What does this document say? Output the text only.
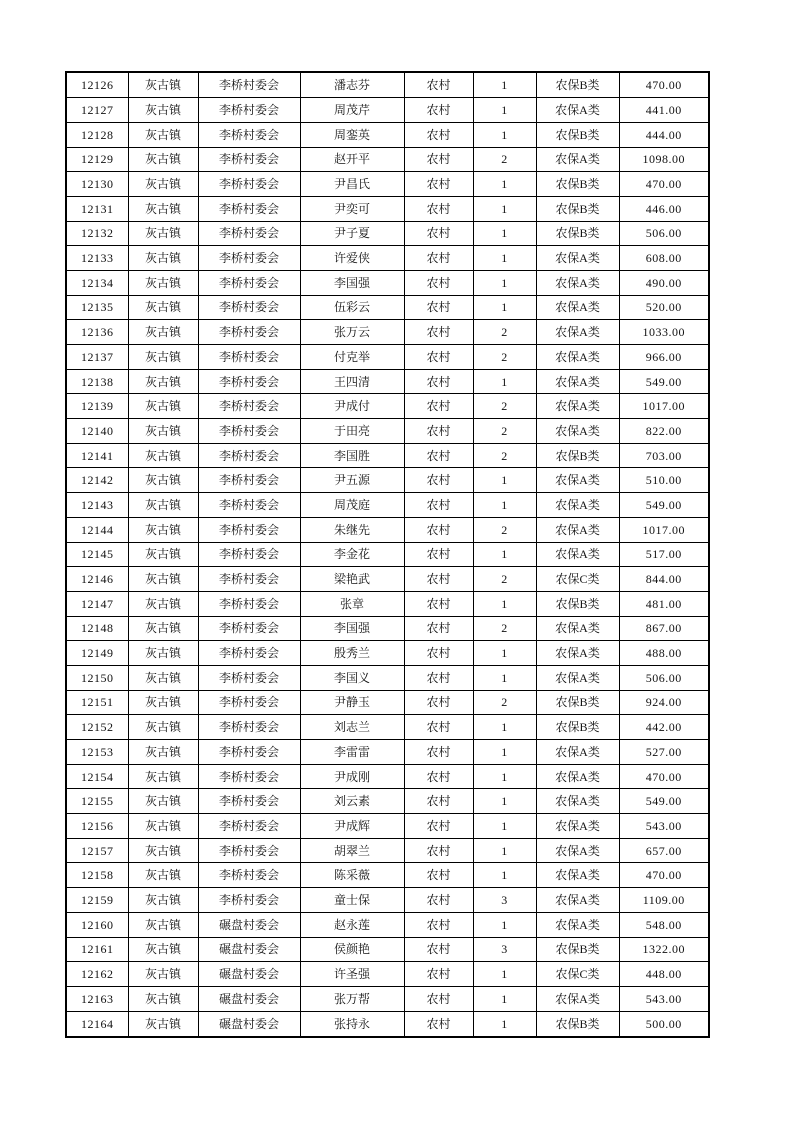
12126	灰古镇	李桥村委会	潘志芬	农村	1	农保B类	470.00
12127	灰古镇	李桥村委会	周茂芹	农村	1	农保A类	441.00
12128	灰古镇	李桥村委会	周銮英	农村	1	农保B类	444.00
12129	灰古镇	李桥村委会	赵开平	农村	2	农保A类	1098.00
12130	灰古镇	李桥村委会	尹昌氏	农村	1	农保B类	470.00
12131	灰古镇	李桥村委会	尹奕可	农村	1	农保B类	446.00
12132	灰古镇	李桥村委会	尹子夏	农村	1	农保B类	506.00
12133	灰古镇	李桥村委会	许爱侠	农村	1	农保A类	608.00
12134	灰古镇	李桥村委会	李国强	农村	1	农保A类	490.00
12135	灰古镇	李桥村委会	伍彩云	农村	1	农保A类	520.00
12136	灰古镇	李桥村委会	张万云	农村	2	农保A类	1033.00
12137	灰古镇	李桥村委会	付克举	农村	2	农保A类	966.00
12138	灰古镇	李桥村委会	王四清	农村	1	农保A类	549.00
12139	灰古镇	李桥村委会	尹成付	农村	2	农保A类	1017.00
12140	灰古镇	李桥村委会	于田亮	农村	2	农保A类	822.00
12141	灰古镇	李桥村委会	李国胜	农村	2	农保B类	703.00
12142	灰古镇	李桥村委会	尹五源	农村	1	农保A类	510.00
12143	灰古镇	李桥村委会	周茂庭	农村	1	农保A类	549.00
12144	灰古镇	李桥村委会	朱继先	农村	2	农保A类	1017.00
12145	灰古镇	李桥村委会	李金花	农村	1	农保A类	517.00
12146	灰古镇	李桥村委会	梁艳武	农村	2	农保C类	844.00
12147	灰古镇	李桥村委会	张章	农村	1	农保B类	481.00
12148	灰古镇	李桥村委会	李国强	农村	2	农保A类	867.00
12149	灰古镇	李桥村委会	殷秀兰	农村	1	农保A类	488.00
12150	灰古镇	李桥村委会	李国义	农村	1	农保A类	506.00
12151	灰古镇	李桥村委会	尹静玉	农村	2	农保B类	924.00
12152	灰古镇	李桥村委会	刘志兰	农村	1	农保B类	442.00
12153	灰古镇	李桥村委会	李雷雷	农村	1	农保A类	527.00
12154	灰古镇	李桥村委会	尹成刚	农村	1	农保A类	470.00
12155	灰古镇	李桥村委会	刘云素	农村	1	农保A类	549.00
12156	灰古镇	李桥村委会	尹成辉	农村	1	农保A类	543.00
12157	灰古镇	李桥村委会	胡翠兰	农村	1	农保A类	657.00
12158	灰古镇	李桥村委会	陈采薇	农村	1	农保A类	470.00
12159	灰古镇	李桥村委会	童士保	农村	3	农保A类	1109.00
12160	灰古镇	碾盘村委会	赵永莲	农村	1	农保A类	548.00
12161	灰古镇	碾盘村委会	侯颜艳	农村	3	农保B类	1322.00
12162	灰古镇	碾盘村委会	许圣强	农村	1	农保C类	448.00
12163	灰古镇	碾盘村委会	张万帮	农村	1	农保A类	543.00
12164	灰古镇	碾盘村委会	张持永	农村	1	农保B类	500.00
